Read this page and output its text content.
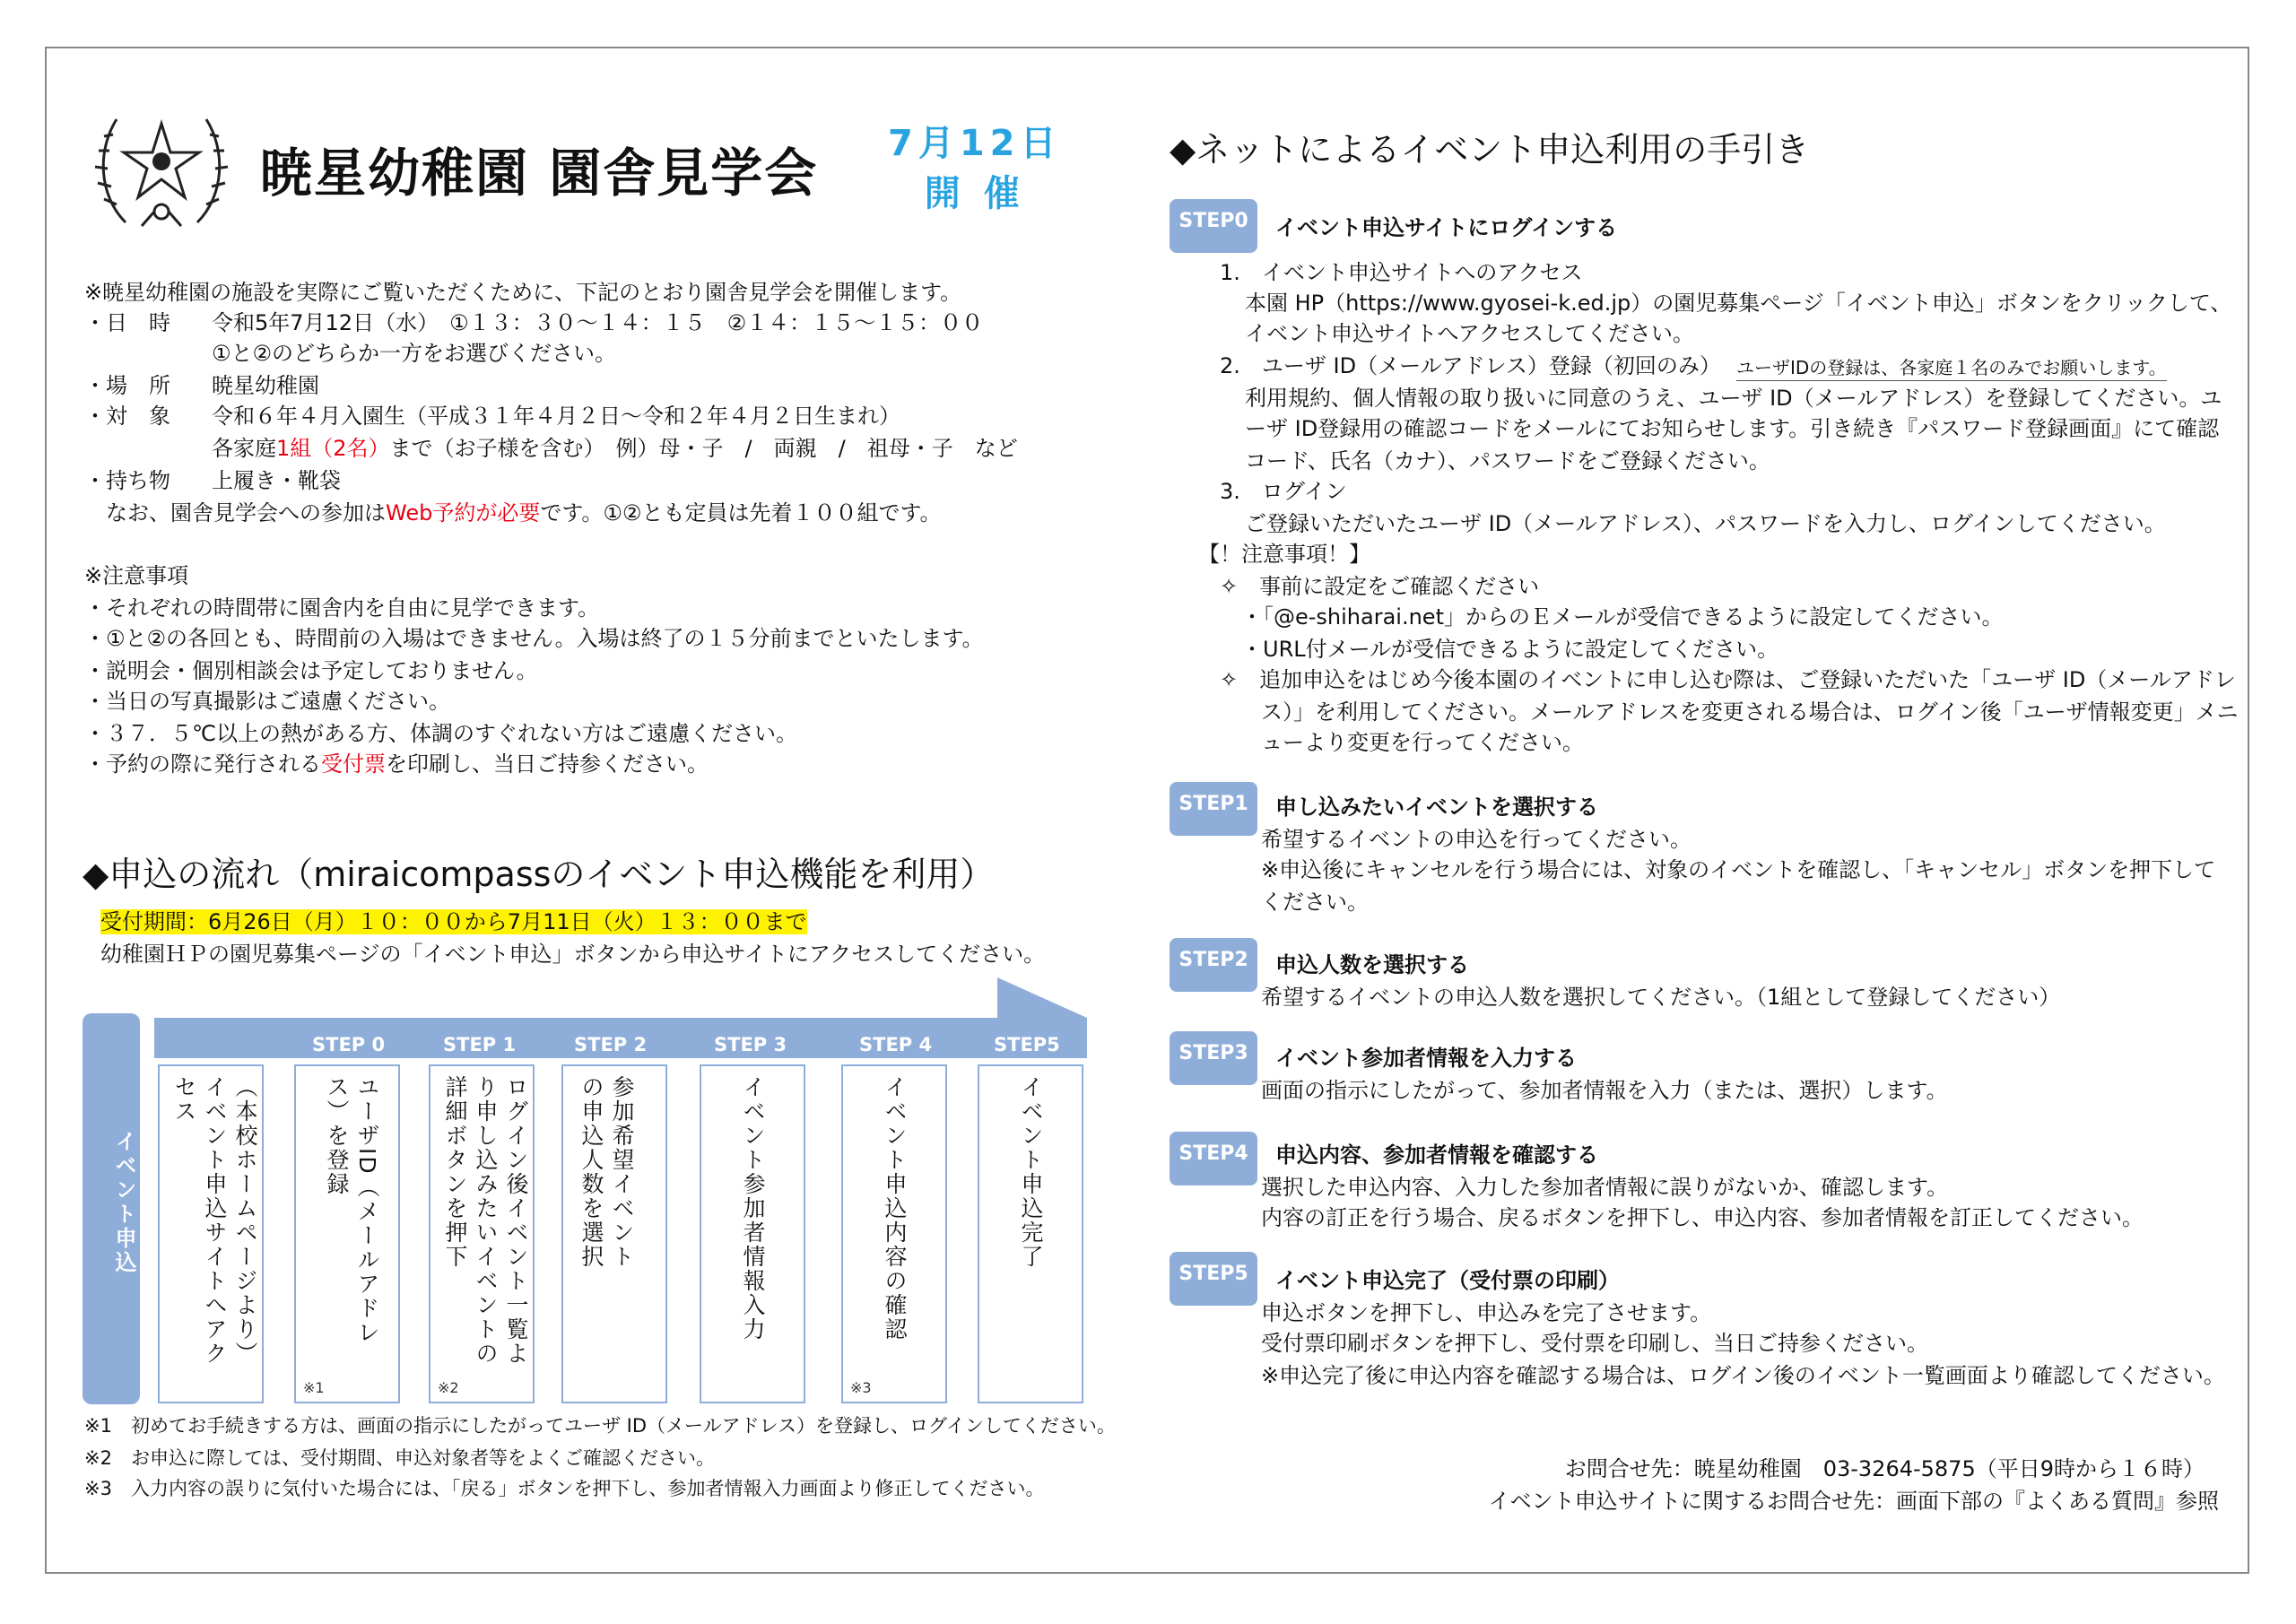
暁星幼稚園 園舎見学会 7月12日
開 催
※暁星幼稚園の施設を実際にご覧いただくために、下記のとおり園舎見学会を開催します。
・日　時 令和5年7月12日（水）　①１３：３０～１４：１５　②１４：１５～１５：００
①と②のどちらか一方をお選びください。
・場　所 暁星幼稚園
・対　象 令和６年４月入園生（平成３１年４月２日～令和２年４月２日生まれ）
各家庭1組（2名）まで（お子様を含む）　例）母・子　/　両親　/　祖母・子　など
・持ち物 上履き・靴袋
なお、園舎見学会への参加はWeb予約が必要です。①②とも定員は先着１００組です。
※注意事項
・それぞれの時間帯に園舎内を自由に見学できます。
・①と②の各回とも、時間前の入場はできません。入場は終了の１５分前までといたします。
・説明会・個別相談会は予定しておりません。
・当日の写真撮影はご遠慮ください。
・３７．５℃以上の熱がある方、体調のすぐれない方はご遠慮ください。
・予約の際に発行される受付票を印刷し、当日ご持参ください。
◆申込の流れ（miraicompassのイベント申込機能を利用）
受付期間：6月26日（月）１０：００から7月11日（火）１３：００まで
幼稚園ＨＰの園児募集ページの「イベント申込」ボタンから申込サイトにアクセスしてください。
イベント申込
STEP 0	STEP 1	STEP 2	STEP 3	STEP 4	STEP5
（本校ホームページより）イベント申込サイトへアクセス	ユーザID（メールアドレス）を登録
※1
ログイン後イベント一覧より申し込みたいイベントの詳細ボタンを押下
※2
参加希望イベントの申込人数を選択	イベント参加者情報入力	イベント申込内容の確認
※3
イベント申込完了
※1　初めてお手続きする方は、画面の指示にしたがってユーザ ID（メールアドレス）を登録し、ログインしてください。
※2　お申込に際しては、受付期間、申込対象者等をよくご確認ください。
※3　入力内容の誤りに気付いた場合には、「戻る」ボタンを押下し、参加者情報入力画面より修正してください。
◆ネットによるイベント申込利用の手引き
STEP0	イベント申込サイトにログインする
1.　イベント申込サイトへのアクセス
本園 HP（https://www.gyosei-k.ed.jp）の園児募集ページ「イベント申込」ボタンをクリックして、
イベント申込サイトへアクセスしてください。
2.　ユーザ ID（メールアドレス）登録（初回のみ） ユーザIDの登録は、各家庭１名のみでお願いします。
利用規約、個人情報の取り扱いに同意のうえ、ユーザ ID（メールアドレス）を登録してください。ユ
ーザ ID登録用の確認コードをメールにてお知らせします。引き続き『パスワード登録画面』にて確認
コード、氏名（カナ）、パスワードをご登録ください。
3.　ログイン
ご登録いただいたユーザ ID（メールアドレス）、パスワードを入力し、ログインしてください。
【！注意事項！】
✧　事前に設定をご確認ください
・「@e-shiharai.net」からのＥメールが受信できるように設定してください。
・URL付メールが受信できるように設定してください。
✧　追加申込をはじめ今後本園のイベントに申し込む際は、ご登録いただいた「ユーザ ID（メールアドレ
ス）」を利用してください。メールアドレスを変更される場合は、ログイン後「ユーザ情報変更」メニ
ューより変更を行ってください。
STEP1	申し込みたいイベントを選択する
希望するイベントの申込を行ってください。
※申込後にキャンセルを行う場合には、対象のイベントを確認し、「キャンセル」ボタンを押下して
ください。
STEP2	申込人数を選択する
希望するイベントの申込人数を選択してください。（1組として登録してください）
STEP3	イベント参加者情報を入力する
画面の指示にしたがって、参加者情報を入力（または、選択）します。
STEP4	申込内容、参加者情報を確認する
選択した申込内容、入力した参加者情報に誤りがないか、確認します。
内容の訂正を行う場合、戻るボタンを押下し、申込内容、参加者情報を訂正してください。
STEP5	イベント申込完了（受付票の印刷）
申込ボタンを押下し、申込みを完了させます。
受付票印刷ボタンを押下し、受付票を印刷し、当日ご持参ください。
※申込完了後に申込内容を確認する場合は、ログイン後のイベント一覧画面より確認してください。
お問合せ先：暁星幼稚園　03-3264-5875（平日9時から１６時）
イベント申込サイトに関するお問合せ先：画面下部の『よくある質問』参照
